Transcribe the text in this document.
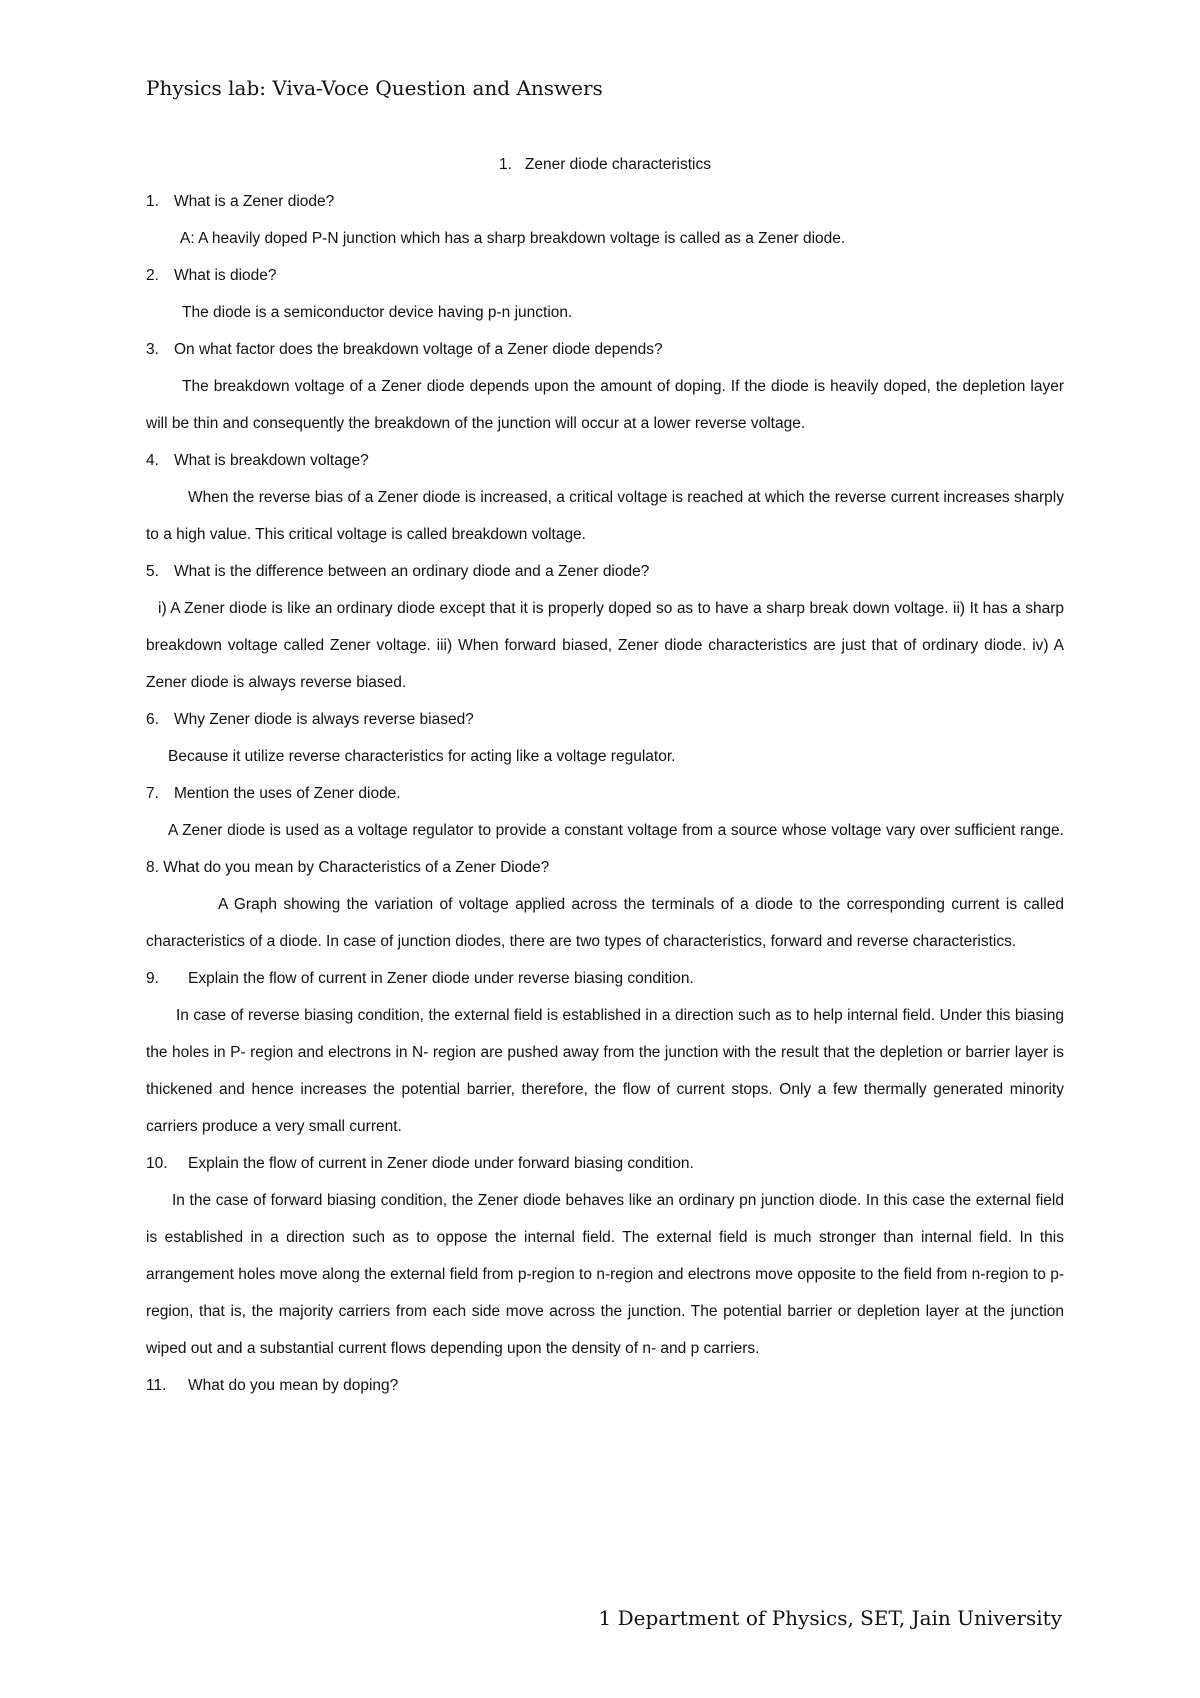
Physics lab: Viva-Voce Question and Answers

1. Zener diode characteristics

1. What is a Zener diode?

A: A heavily doped P-N junction which has a sharp breakdown voltage is called as a Zener diode.

2. What is diode?

The diode is a semiconductor device having p-n junction.

3. On what factor does the breakdown voltage of a Zener diode depends?

The breakdown voltage of a Zener diode depends upon the amount of doping. If the diode is heavily doped, the depletion layer will be thin and consequently the breakdown of the junction will occur at a lower reverse voltage.

4. What is breakdown voltage?

When the reverse bias of a Zener diode is increased, a critical voltage is reached at which the reverse current increases sharply to a high value. This critical voltage is called breakdown voltage.

5. What is the difference between an ordinary diode and a Zener diode?

i) A Zener diode is like an ordinary diode except that it is properly doped so as to have a sharp break down voltage. ii) It has a sharp breakdown voltage called Zener voltage. iii) When forward biased, Zener diode characteristics are just that of ordinary diode. iv) A Zener diode is always reverse biased.

6. Why Zener diode is always reverse biased?

Because it utilize reverse characteristics for acting like a voltage regulator.

7. Mention the uses of Zener diode.

A Zener diode is used as a voltage regulator to provide a constant voltage from a source whose voltage vary over sufficient range. 8. What do you mean by Characteristics of a Zener Diode?

A Graph showing the variation of voltage applied across the terminals of a diode to the corresponding current is called characteristics of a diode. In case of junction diodes, there are two types of characteristics, forward and reverse characteristics.

9. Explain the flow of current in Zener diode under reverse biasing condition.

In case of reverse biasing condition, the external field is established in a direction such as to help internal field. Under this biasing the holes in P- region and electrons in N- region are pushed away from the junction with the result that the depletion or barrier layer is thickened and hence increases the potential barrier, therefore, the flow of current stops. Only a few thermally generated minority carriers produce a very small current.

10. Explain the flow of current in Zener diode under forward biasing condition.

In the case of forward biasing condition, the Zener diode behaves like an ordinary pn junction diode. In this case the external field is established in a direction such as to oppose the internal field. The external field is much stronger than internal field. In this arrangement holes move along the external field from p-region to n-region and electrons move opposite to the field from n-region to p-region, that is, the majority carriers from each side move across the junction. The potential barrier or depletion layer at the junction wiped out and a substantial current flows depending upon the density of n- and p carriers.

11. What do you mean by doping?

1 Department of Physics, SET, Jain University
